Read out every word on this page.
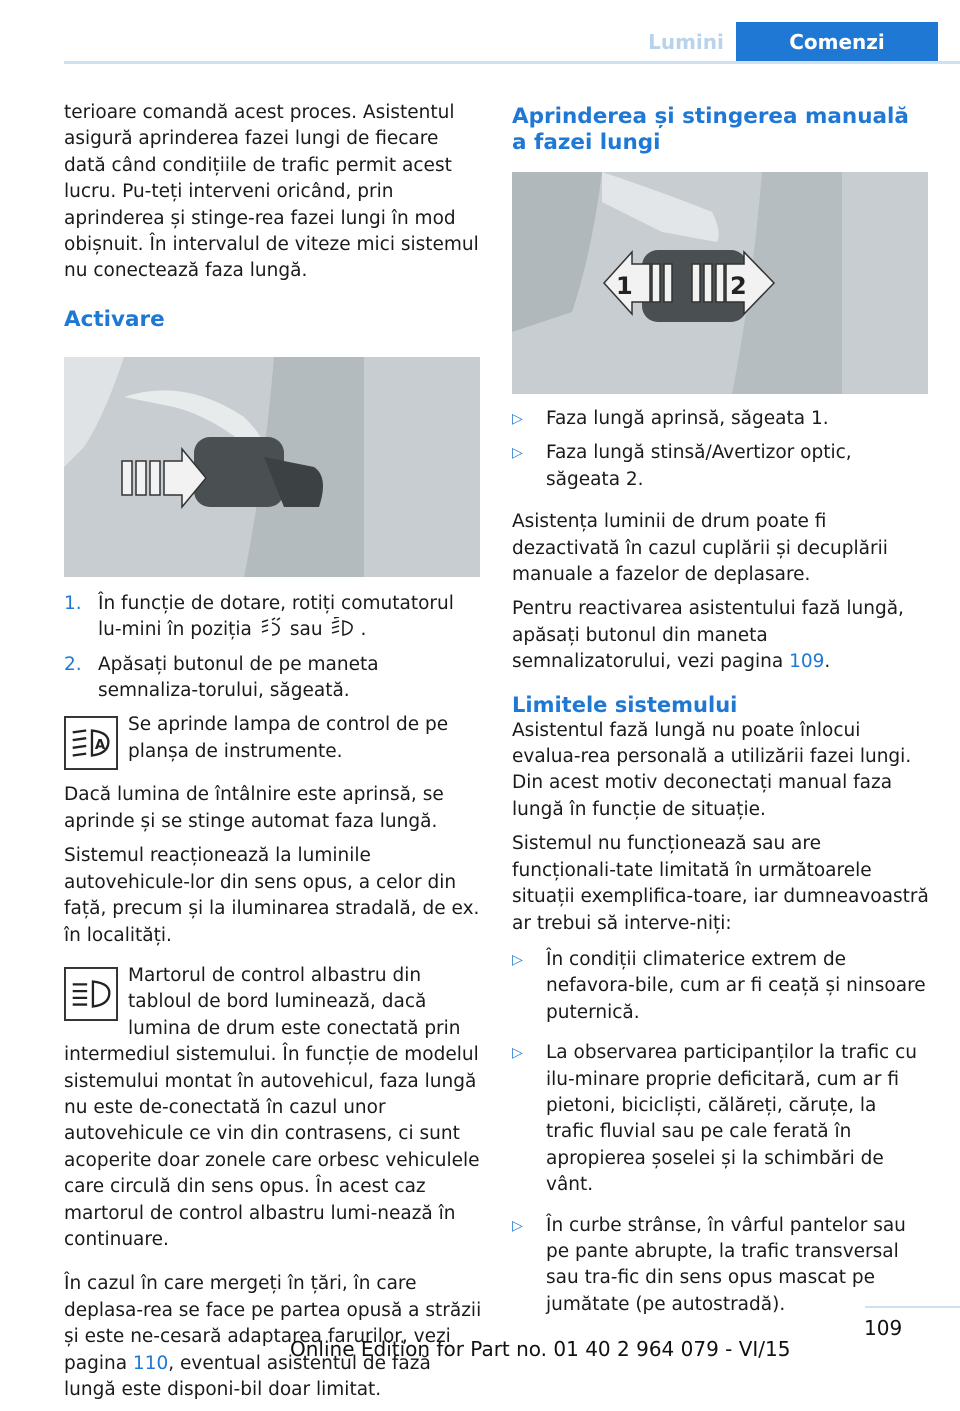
Lumini	Comenzi

terioare comandă acest proces. Asistentul asigură aprinderea fazei lungi de fiecare dată când condițiile de trafic permit acest lucru. Pu-teți interveni oricând, prin aprinderea și stinge-rea fazei lungi în mod obișnuit. În intervalul de viteze mici sistemul nu conectează faza lungă.

Activare
1. În funcție de dotare, rotiți comutatorul lu-mini în poziția sau .
2. Apăsați butonul de pe maneta semnaliza-torului, săgeată.
A
Se aprinde lampa de control de pe planșa de instrumente.

Dacă lumina de întâlnire este aprinsă, se aprinde și se stinge automat faza lungă.

Sistemul reacționează la luminile autovehicule-lor din sens opus, a celor din față, precum și la iluminarea stradală, de ex. în localități.

Martorul de control albastru din tabloul de bord luminează, dacă lumina de drum este conectată prin intermediul sistemului. În funcție de modelul sistemului montat în autovehicul, faza lungă nu este de-conectată în cazul unor autovehicule ce vin din contrasens, ci sunt acoperite doar zonele care orbesc vehiculele care circulă din sens opus. În acest caz martorul de control albastru lumi-nează în continuare.

În cazul în care mergeți în țări, în care deplasa-rea se face pe partea opusă a străzii și este ne-cesară adaptarea farurilor, vezi pagina 110, eventual asistentul de fază lungă este disponi-bil doar limitat.

Aprinderea și stingerea manuală a fazei lungi
1	2
▷ Faza lungă aprinsă, săgeata 1.
▷ Faza lungă stinsă/Avertizor optic, săgeata 2.

Asistența luminii de drum poate fi dezactivată în cazul cuplării și decuplării manuale a fazelor de deplasare.

Pentru reactivarea asistentului fază lungă, apăsați butonul din maneta semnalizatorului, vezi pagina 109.

Limitele sistemului

Asistentul fază lungă nu poate înlocui evalua-rea personală a utilizării fazei lungi. Din acest motiv deconectați manual faza lungă în funcție de situație.

Sistemul nu funcționează sau are funcționali-tate limitată în următoarele situații exemplifica-toare, iar dumneavoastră ar trebui să interve-niți:

▷ În condiții climaterice extrem de nefavora-bile, cum ar fi ceață și ninsoare puternică.
▷ La observarea participanților la trafic cu ilu-minare proprie deficitară, cum ar fi pietoni, bicicliști, călăreți, căruțe, la trafic fluvial sau pe cale ferată în apropierea șoselei și la schimbări de vânt.
▷ În curbe strânse, în vârful pantelor sau pe pante abrupte, la trafic transversal sau tra-fic din sens opus mascat pe jumătate (pe autostradă).
109
Online Edition for Part no. 01 40 2 964 079 - VI/15
